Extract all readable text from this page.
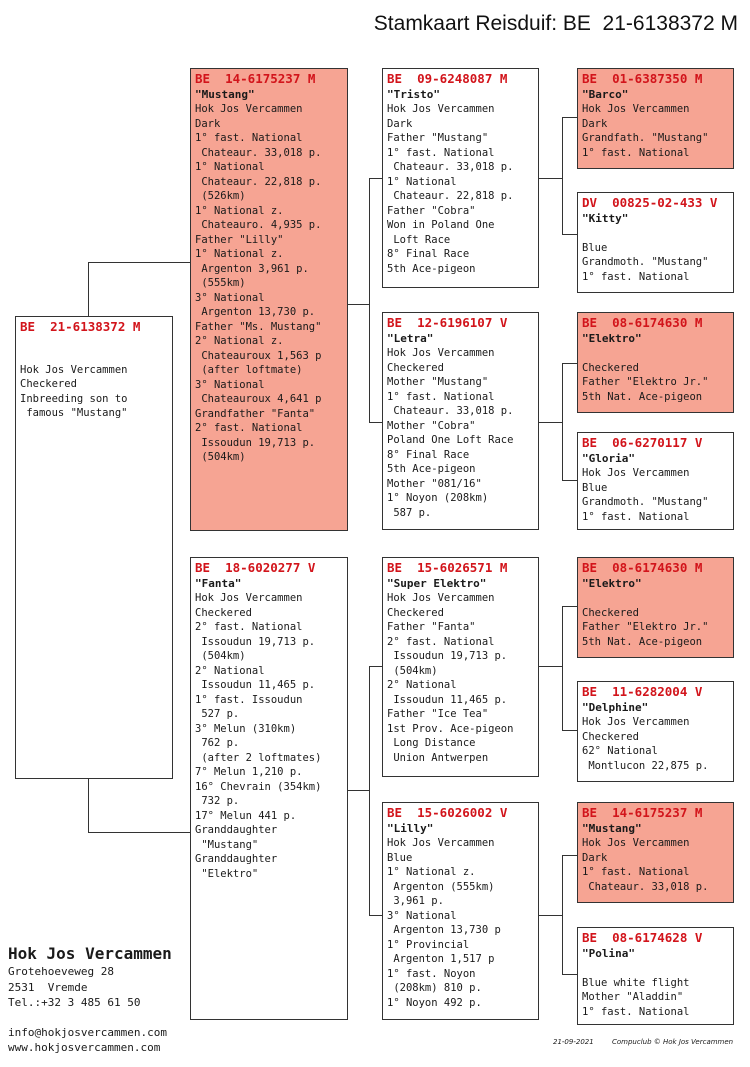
Stamkaart Reisduif: BE  21-6138372 M
BE  21-6138372 M

Hok Jos Vercammen
Checkered
Inbreeding son to
famous "Mustang"
BE  14-6175237 M
"Mustang"
Hok Jos Vercammen
Dark
1° fast. National
Chateaur. 33,018 p.
1° National
Chateaur. 22,818 p.
(526km)
1° National z.
Chateauro. 4,935 p.
Father "Lilly"
1° National z.
Argenton 3,961 p.
(555km)
3° National
Argenton 13,730 p.
Father "Ms. Mustang"
2° National z.
Chateauroux 1,563 p
(after loftmate)
3° National
Chateauroux 4,641 p
Grandfather "Fanta"
2° fast. National
Issoudun 19,713 p.
(504km)
BE  18-6020277 V
"Fanta"
Hok Jos Vercammen
Checkered
2° fast. National
Issoudun 19,713 p.
(504km)
2° National
Issoudun 11,465 p.
1° fast. Issoudun
527 p.
3° Melun (310km)
762 p.
(after 2 loftmates)
7° Melun 1,210 p.
16° Chevrain (354km)
732 p.
17° Melun 441 p.
Granddaughter
"Mustang"
Granddaughter
"Elektro"
BE  09-6248087 M
"Tristo"
Hok Jos Vercammen
Dark
Father "Mustang"
1° fast. National
Chateaur. 33,018 p.
1° National
Chateaur. 22,818 p.
Father "Cobra"
Won in Poland One
Loft Race
8° Final Race
5th Ace-pigeon
BE  12-6196107 V
"Letra"
Hok Jos Vercammen
Checkered
Mother "Mustang"
1° fast. National
Chateaur. 33,018 p.
Mother "Cobra"
Poland One Loft Race
8° Final Race
5th Ace-pigeon
Mother "081/16"
1° Noyon (208km)
587 p.
BE  15-6026571 M
"Super Elektro"
Hok Jos Vercammen
Checkered
Father "Fanta"
2° fast. National
Issoudun 19,713 p.
(504km)
2° National
Issoudun 11,465 p.
Father "Ice Tea"
1st Prov. Ace-pigeon
Long Distance
Union Antwerpen
BE  15-6026002 V
"Lilly"
Hok Jos Vercammen
Blue
1° National z.
Argenton (555km)
3,961 p.
3° National
Argenton 13,730 p
1° Provincial
Argenton 1,517 p
1° fast. Noyon
(208km) 810 p.
1° Noyon 492 p.
BE  01-6387350 M
"Barco"
Hok Jos Vercammen
Dark
Grandfath. "Mustang"
1° fast. National
DV  00825-02-433 V
"Kitty"

Blue
Grandmoth. "Mustang"
1° fast. National
BE  08-6174630 M
"Elektro"

Checkered
Father "Elektro Jr."
5th Nat. Ace-pigeon
BE  06-6270117 V
"Gloria"
Hok Jos Vercammen
Blue
Grandmoth. "Mustang"
1° fast. National
BE  08-6174630 M
"Elektro"

Checkered
Father "Elektro Jr."
5th Nat. Ace-pigeon
BE  11-6282004 V
"Delphine"
Hok Jos Vercammen
Checkered
62° National
Montlucon 22,875 p.
BE  14-6175237 M
"Mustang"
Hok Jos Vercammen
Dark
1° fast. National
Chateaur. 33,018 p.
BE  08-6174628 V
"Polina"

Blue white flight
Mother "Aladdin"
1° fast. National
Hok Jos Vercammen
Grotehoeveweg 28
2531  Vremde
Tel.:+32 3 485 61 50
info@hokjosvercammen.com
www.hokjosvercammen.com	21-09-2021	Compuclub © Hok Jos Vercammen
